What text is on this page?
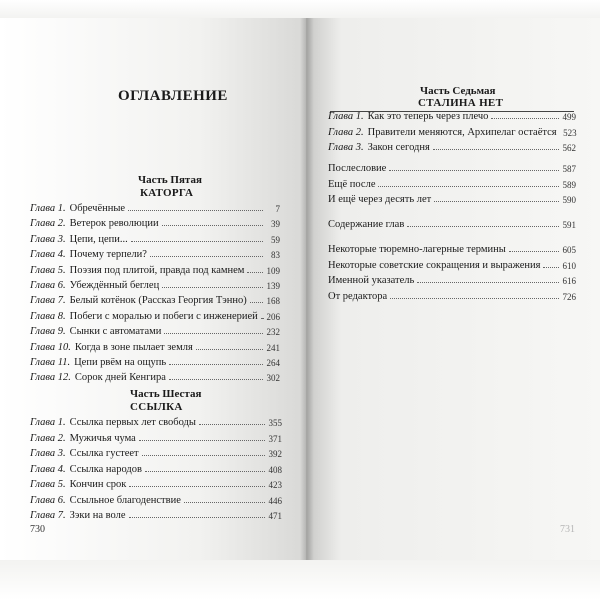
ОГЛАВЛЕНИЕ
Часть Пятая
КАТОРГА
Глава 1. Обречённые	7
Глава 2. Ветерок революции	39
Глава 3. Цепи, цепи...	59
Глава 4. Почему терпели?	83
Глава 5. Поэзия под плитой, правда под камнем 109
Глава 6. Убеждённый беглец	139
Глава 7. Белый котёнок (Рассказ Георгия Тэнно) 168
Глава 8. Побеги с моралью и побеги с инженерией 206
Глава 9. Сынки с автоматами	232
Глава 10. Когда в зоне пылает земля	241
Глава 11. Цепи рвём на ощупь	264
Глава 12. Сорок дней Кенгира	302
Часть Шестая
ССЫЛКА
Глава 1. Ссылка первых лет свободы	355
Глава 2. Мужичья чума	371
Глава 3. Ссылка густеет	392
Глава 4. Ссылка народов	408
Глава 5. Кончин срок	423
Глава 6. Ссыльное благоденствие	446
Глава 7. Зэки на воле	471
730
Часть Седьмая
СТАЛИНА НЕТ
Глава 1. Как это теперь через плечо	499
Глава 2. Правители меняются, Архипелаг остаётся 523
Глава 3. Закон сегодня	562
Послесловие	587
Ещё после	589
И ещё через десять лет	590
Содержание глав	591
Некоторые тюремно-лагерные термины	605
Некоторые советские сокращения и выражения 610
Именной указатель	616
От редактора	726
731
